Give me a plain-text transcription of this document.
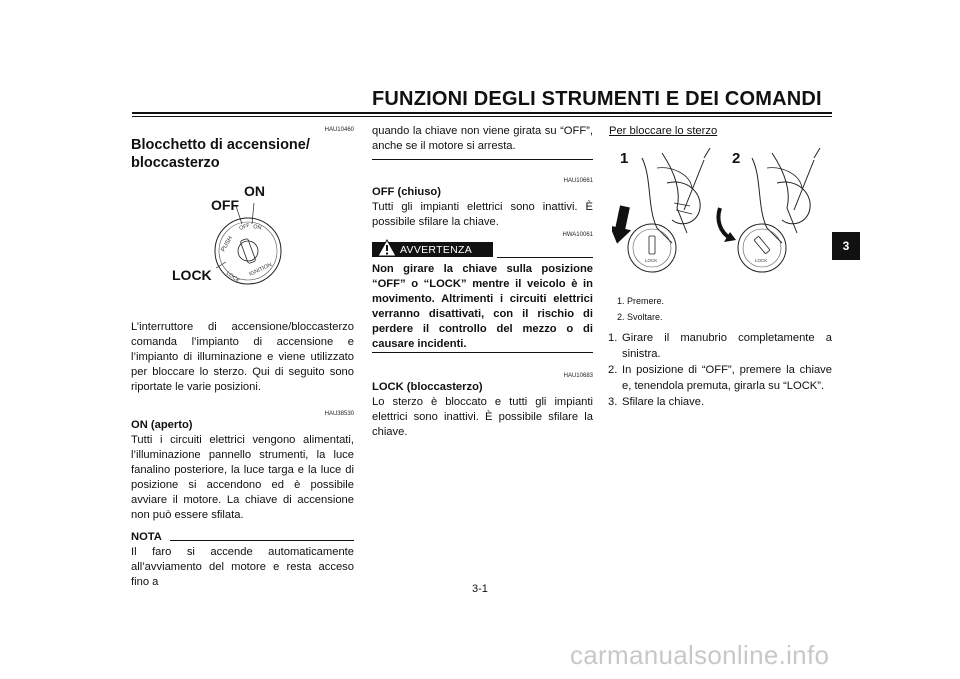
FUNZIONI DEGLI STRUMENTI E DEI COMANDI
3
HAU10460
Blocchetto di accensione/
bloccasterzo
PUSH
OFF ON
IGNITION
LOCK
ON
OFF
LOCK
L’interruttore di accensione/bloccasterzo comanda l’impianto di accensione e l’impianto di illuminazione e viene utilizzato per bloccare lo sterzo. Qui di seguito sono riportate le varie posizioni.
HAU38530
ON (aperto)
Tutti i circuiti elettrici vengono alimentati, l’illuminazione pannello strumenti, la luce fanalino posteriore, la luce targa e la luce di posizione si accendono ed è possibile avviare il motore. La chiave di accensione non può essere sfilata.
NOTA
Il faro si accende automaticamente all’avviamento del motore e resta acceso fino a
quando la chiave non viene girata su “OFF”, anche se il motore si arresta.
HAU10661
OFF (chiuso)
Tutti gli impianti elettrici sono inattivi. È possibile sfilare la chiave.
HWA10061
AVVERTENZA
Non girare la chiave sulla posizione “OFF” o “LOCK” mentre il veicolo è in movimento. Altrimenti i circuiti elettrici verranno disattivati, con il rischio di perdere il controllo del mezzo o di causare incidenti.
HAU10683
LOCK (bloccasterzo)
Lo sterzo è bloccato e tutti gli impianti elettrici sono inattivi. È possibile sfilare la chiave.
Per bloccare lo sterzo
LOCK	LOCK
1	2
1. Premere.
2. Svoltare.
1. Girare il manubrio completamente a sinistra.
2. In posizione di “OFF”, premere la chiave e, tenendola premuta, girarla su “LOCK”.
3. Sfilare la chiave.
3-1
carmanualsonline.info
